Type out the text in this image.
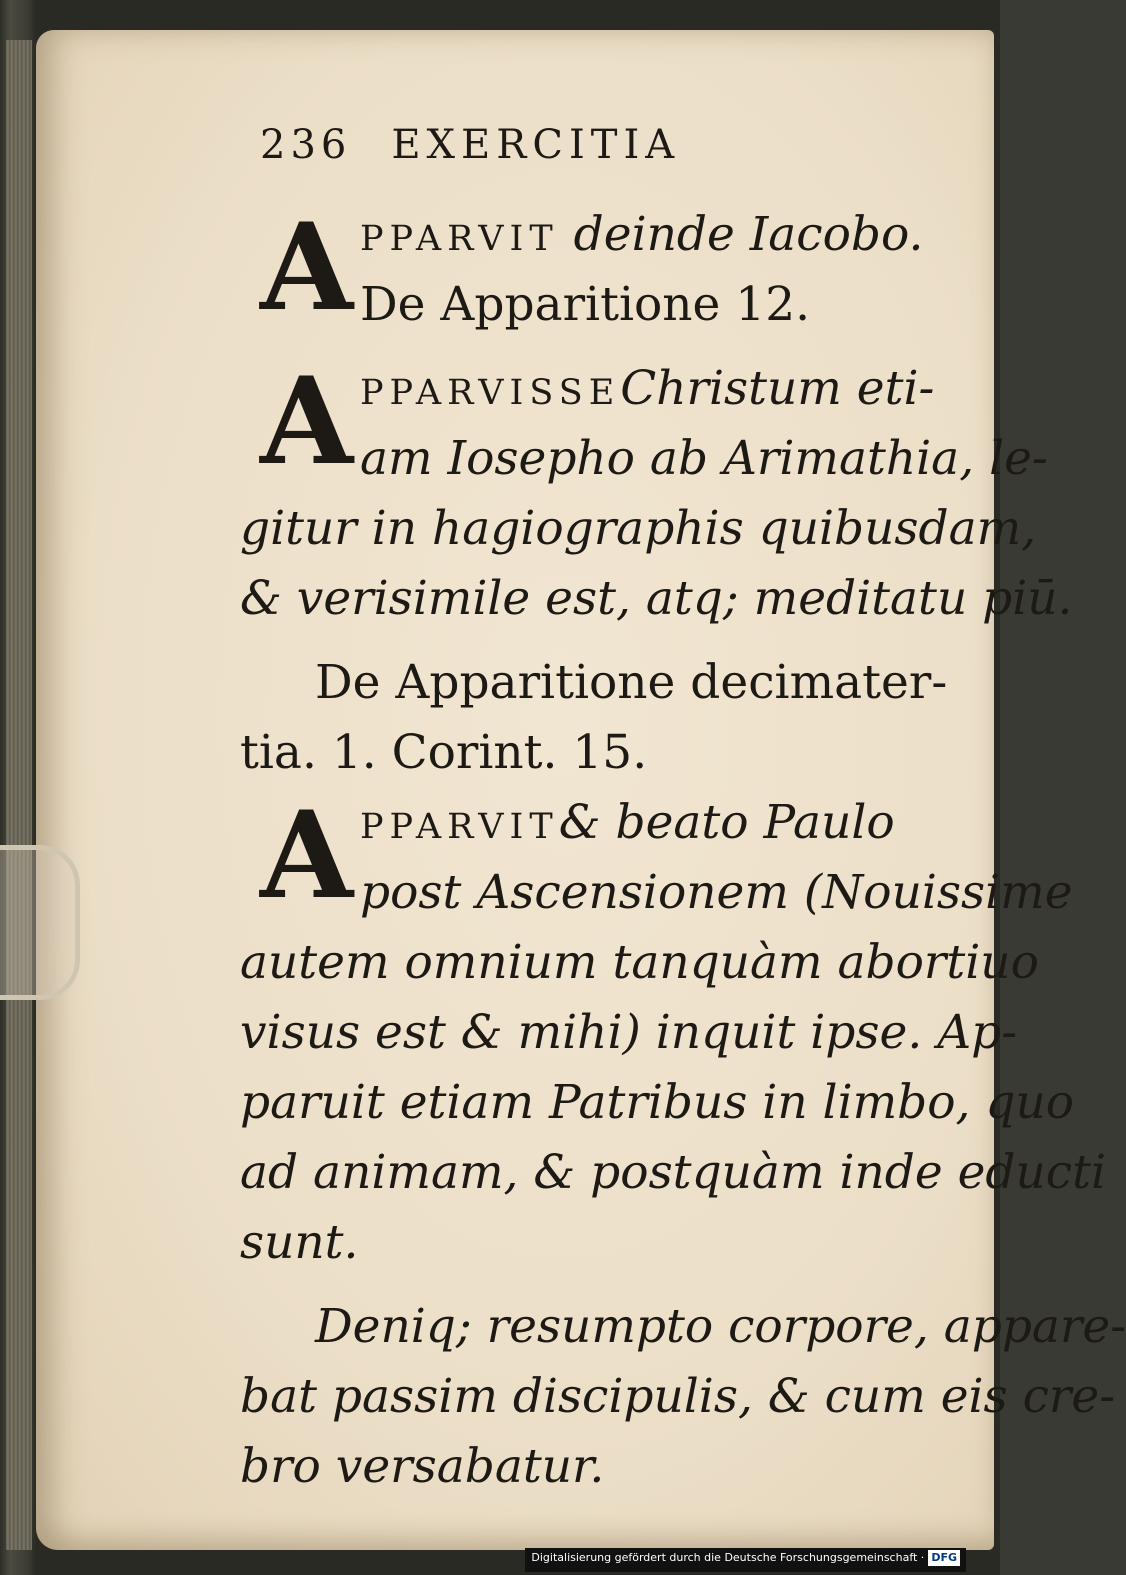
236 EXERCITIA
A PPARVIT deinde Iacobo.
De Apparitione 12.
A PPARVISSEChristum eti-
am Iosepho ab Arimathia, le-
gitur in hagiographis quibusdam,
& verisimile est, atq; meditatu piū.
De Apparitione decimater-
tia. 1. Corint. 15.
A PPARVIT& beato Paulo
post Ascensionem (Nouissime
autem omnium tanquàm abortiuo
visus est & mihi) inquit ipse. Ap-
paruit etiam Patribus in limbo, quo
ad animam, & postquàm inde educti
sunt.
Deniq; resumpto corpore, appare-
bat passim discipulis, & cum eis cre-
bro versabatur.
Digitalisierung gefördert durch die Deutsche Forschungsgemeinschaft · DFG
